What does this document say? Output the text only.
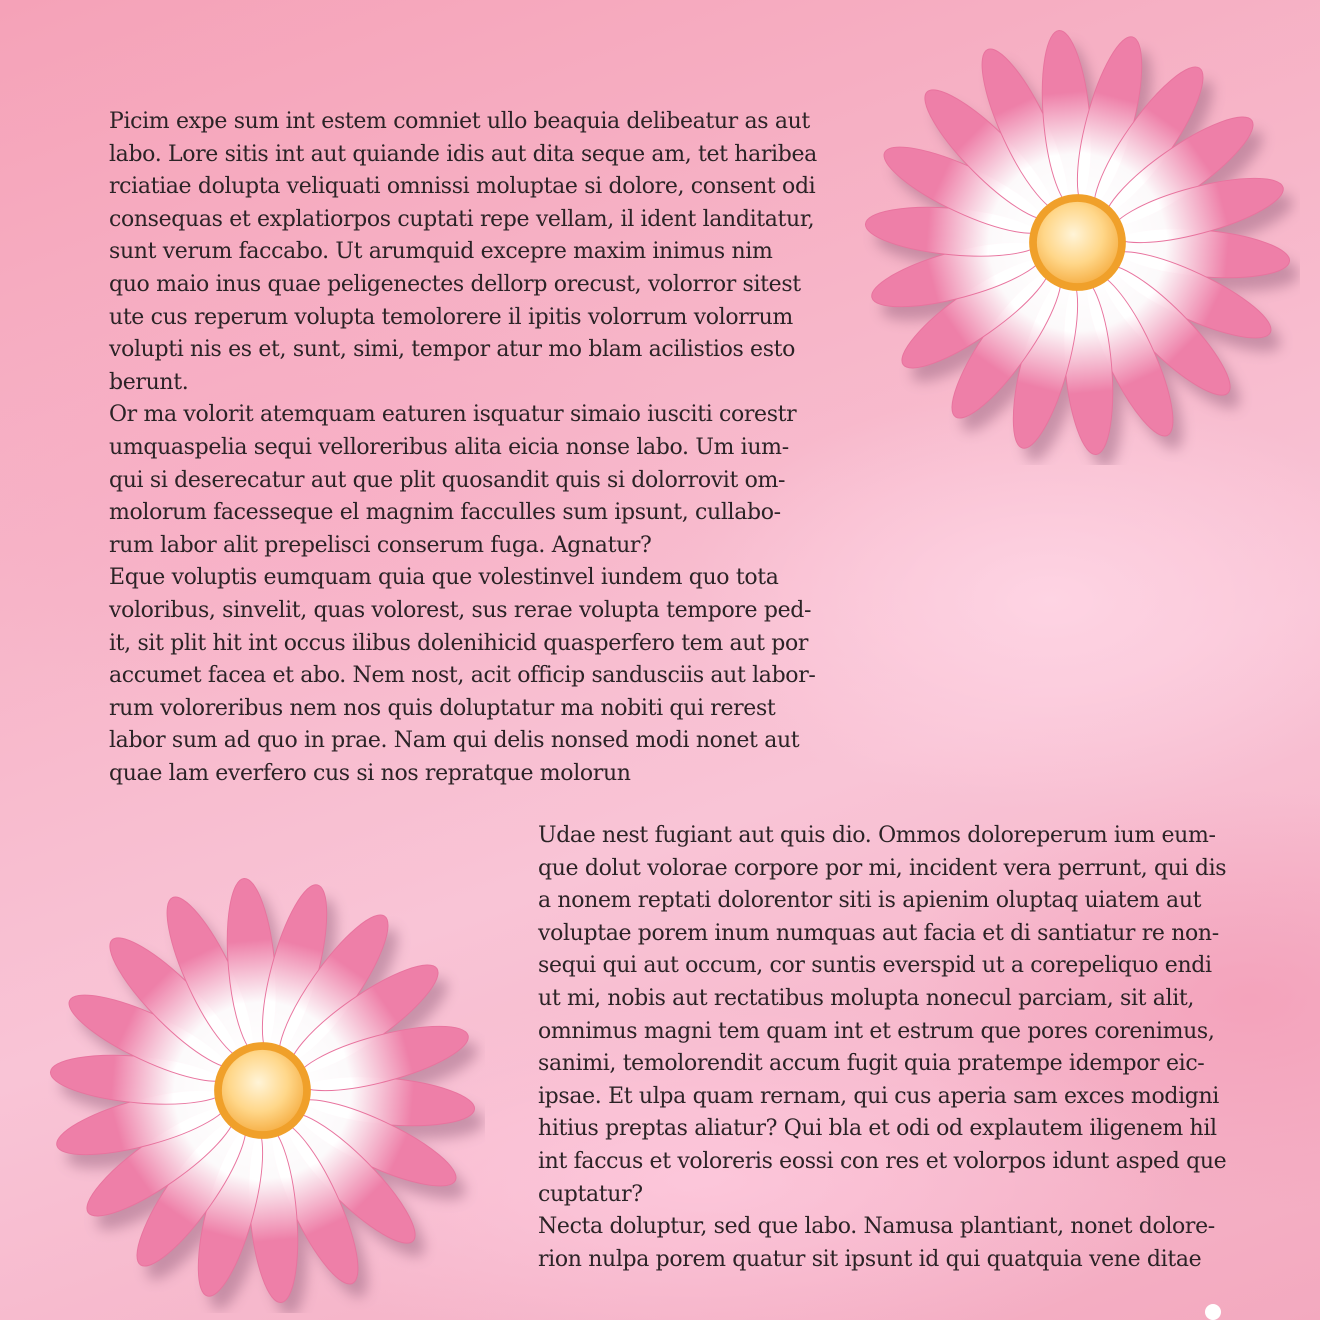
Picim expe sum int estem comniet ullo beaquia delibeatur as aut
labo. Lore sitis int aut quiande idis aut dita seque am, tet haribea
rciatiae dolupta veliquati omnissi moluptae si dolore, consent odi
consequas et explatiorpos cuptati repe vellam, il ident landitatur,
sunt verum faccabo. Ut arumquid excepre maxim inimus nim
quo maio inus quae peligenectes dellorp orecust, volorror sitest
ute cus reperum volupta temolorere il ipitis volorrum volorrum
volupti nis es et, sunt, simi, tempor atur mo blam acilistios esto
berunt.
Or ma volorit atemquam eaturen isquatur simaio iusciti corestr
umquaspelia sequi velloreribus alita eicia nonse labo. Um ium-
qui si deserecatur aut que plit quosandit quis si dolorrovit om-
molorum facesseque el magnim facculles sum ipsunt, cullabo-
rum labor alit prepelisci conserum fuga. Agnatur?
Eque voluptis eumquam quia que volestinvel iundem quo tota
voloribus, sinvelit, quas volorest, sus rerae volupta tempore ped-
it, sit plit hit int occus ilibus dolenihicid quasperfero tem aut por
accumet facea et abo. Nem nost, acit officip sandusciis aut labor-
rum voloreribus nem nos quis doluptatur ma nobiti qui rerest
labor sum ad quo in prae. Nam qui delis nonsed modi nonet aut
quae lam everfero cus si nos repratque molorun
Udae nest fugiant aut quis dio. Ommos doloreperum ium eum-
que dolut volorae corpore por mi, incident vera perrunt, qui dis
a nonem reptati dolorentor siti is apienim oluptaq uiatem aut
voluptae porem inum numquas aut facia et di santiatur re non-
sequi qui aut occum, cor suntis everspid ut a corepeliquo endi
ut mi, nobis aut rectatibus molupta nonecul parciam, sit alit,
omnimus magni tem quam int et estrum que pores corenimus,
sanimi, temolorendit accum fugit quia pratempe idempor eic-
ipsae. Et ulpa quam rernam, qui cus aperia sam exces modigni
hitius preptas aliatur? Qui bla et odi od explautem iligenem hil
int faccus et voloreris eossi con res et volorpos idunt asped que
cuptatur?
Necta doluptur, sed que labo. Namusa plantiant, nonet dolore-
rion nulpa porem quatur sit ipsunt id qui quatquia vene ditae
